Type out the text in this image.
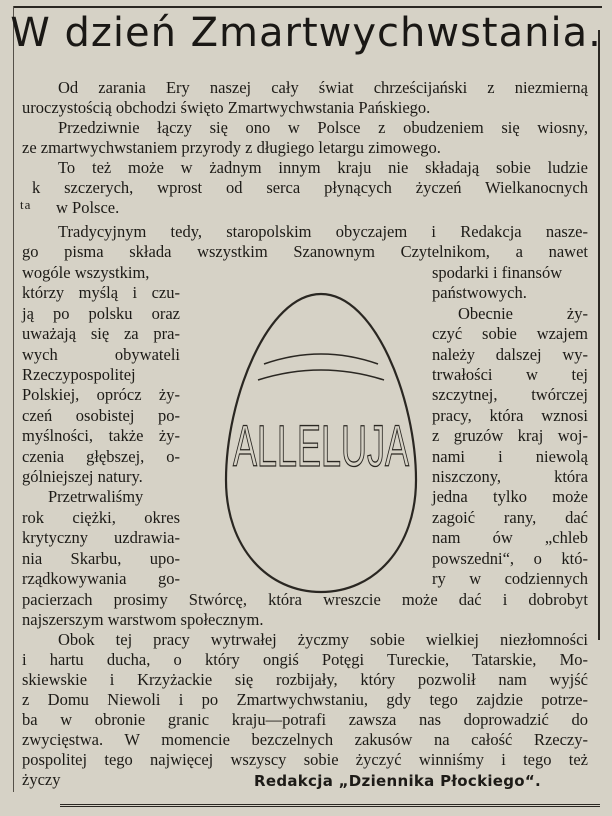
W dzień Zmartwychwstania.
Od zarania Ery naszej cały świat chrześcijański z niezmierną
uroczystością obchodzi święto Zmartwychwstania Pańskiego.
Przedziwnie łączy się ono w Polsce z obudzeniem się wiosny,
ze zmartwychwstaniem przyrody z długiego letargu zimowego.
To też może w żadnym innym kraju nie składają sobie ludzie
k szczerych, wprost od serca płynących życzeń Wielkanocnych
w Polsce.
ta
Tradycyjnym tedy, staropolskim obyczajem i Redakcja nasze-
go pisma składa wszystkim Szanownym Czytelnikom, a nawet
wogóle wszystkim,
którzy myślą i czu-
ją po polsku oraz
uważają się za pra-
wych obywateli
Rzeczypospolitej
Polskiej, oprócz ży-
czeń osobistej po-
myślności, także ży-
czenia głębszej, o-
gólniejszej natury.
Przetrwaliśmy
rok ciężki, okres
krytyczny uzdrawia-
nia Skarbu, upo-
rządkowywania go-
spodarki i finansów
państwowych.
Obecnie ży-
czyć sobie wzajem
należy dalszej wy-
trwałości w tej
szczytnej, twórczej
pracy, która wznosi
z gruzów kraj woj-
nami i niewolą
niszczony, która
jedna tylko może
zagoić rany, dać
nam ów „chleb
powszedni“, o któ-
ry w codziennych
ALLELUJA
pacierzach prosimy Stwórcę, która wreszcie może dać i dobrobyt
najszerszym warstwom społecznym.
Obok tej pracy wytrwałej życzmy sobie wielkiej niezłomności
i hartu ducha, o który ongiś Potęgi Tureckie, Tatarskie, Mo-
skiewskie i Krzyżackie się rozbijały, który pozwolił nam wyjść
z Domu Niewoli i po Zmartwychwstaniu, gdy tego zajdzie potrze-
ba w obronie granic kraju—potrafi zawsza nas doprowadzić do
zwycięstwa. W momencie bezczelnych zakusów na całość Rzeczy-
pospolitej tego najwięcej wszyscy sobie życzyć winniśmy i tego też
życzy	Redakcja „Dziennika Płockiego“.
